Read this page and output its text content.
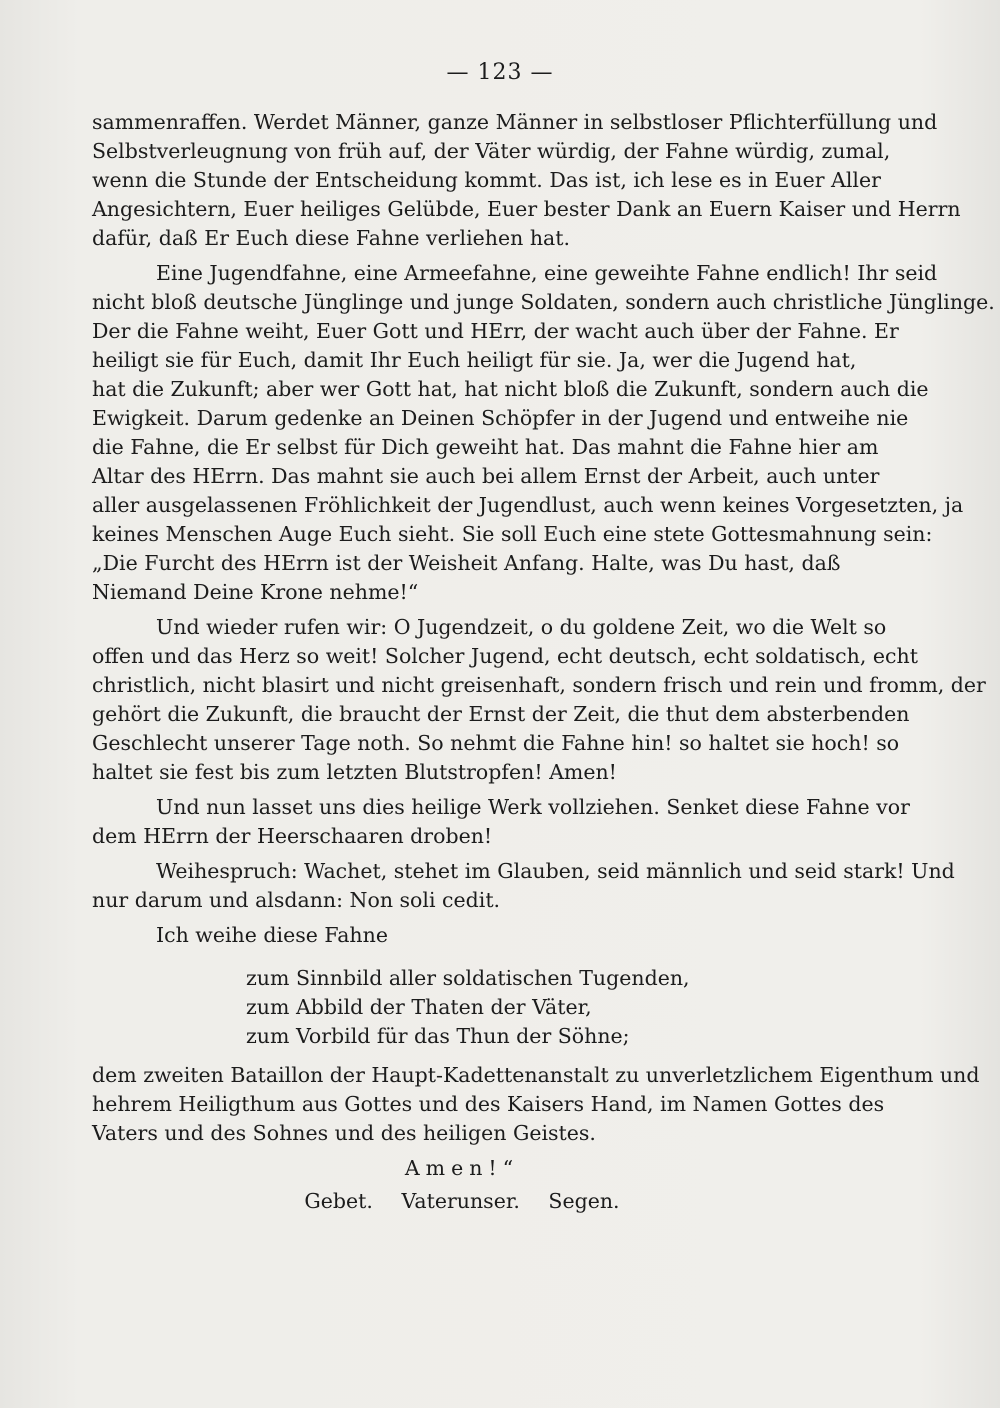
— 123 —
sammenraffen. Werdet Männer, ganze Männer in selbstloser Pflichterfüllung und
Selbstverleugnung von früh auf, der Väter würdig, der Fahne würdig, zumal,
wenn die Stunde der Entscheidung kommt. Das ist, ich lese es in Euer Aller
Angesichtern, Euer heiliges Gelübde, Euer bester Dank an Euern Kaiser und Herrn
dafür, daß Er Euch diese Fahne verliehen hat.
Eine Jugendfahne, eine Armeefahne, eine geweihte Fahne endlich! Ihr seid
nicht bloß deutsche Jünglinge und junge Soldaten, sondern auch christliche Jünglinge.
Der die Fahne weiht, Euer Gott und HErr, der wacht auch über der Fahne. Er
heiligt sie für Euch, damit Ihr Euch heiligt für sie. Ja, wer die Jugend hat,
hat die Zukunft; aber wer Gott hat, hat nicht bloß die Zukunft, sondern auch die
Ewigkeit. Darum gedenke an Deinen Schöpfer in der Jugend und entweihe nie
die Fahne, die Er selbst für Dich geweiht hat. Das mahnt die Fahne hier am
Altar des HErrn. Das mahnt sie auch bei allem Ernst der Arbeit, auch unter
aller ausgelassenen Fröhlichkeit der Jugendlust, auch wenn keines Vorgesetzten, ja
keines Menschen Auge Euch sieht. Sie soll Euch eine stete Gottesmahnung sein:
„Die Furcht des HErrn ist der Weisheit Anfang. Halte, was Du hast, daß
Niemand Deine Krone nehme!“
Und wieder rufen wir: O Jugendzeit, o du goldene Zeit, wo die Welt so
offen und das Herz so weit! Solcher Jugend, echt deutsch, echt soldatisch, echt
christlich, nicht blasirt und nicht greisenhaft, sondern frisch und rein und fromm, der
gehört die Zukunft, die braucht der Ernst der Zeit, die thut dem absterbenden
Geschlecht unserer Tage noth. So nehmt die Fahne hin! so haltet sie hoch! so
haltet sie fest bis zum letzten Blutstropfen! Amen!
Und nun lasset uns dies heilige Werk vollziehen. Senket diese Fahne vor
dem HErrn der Heerschaaren droben!
Weihespruch: Wachet, stehet im Glauben, seid männlich und seid stark! Und
nur darum und alsdann: Non soli cedit.
Ich weihe diese Fahne
zum Sinnbild aller soldatischen Tugenden,
zum Abbild der Thaten der Väter,
zum Vorbild für das Thun der Söhne;
dem zweiten Bataillon der Haupt-Kadettenanstalt zu unverletzlichem Eigenthum und
hehrem Heiligthum aus Gottes und des Kaisers Hand, im Namen Gottes des
Vaters und des Sohnes und des heiligen Geistes.
Amen!“
Gebet. Vaterunser. Segen.
